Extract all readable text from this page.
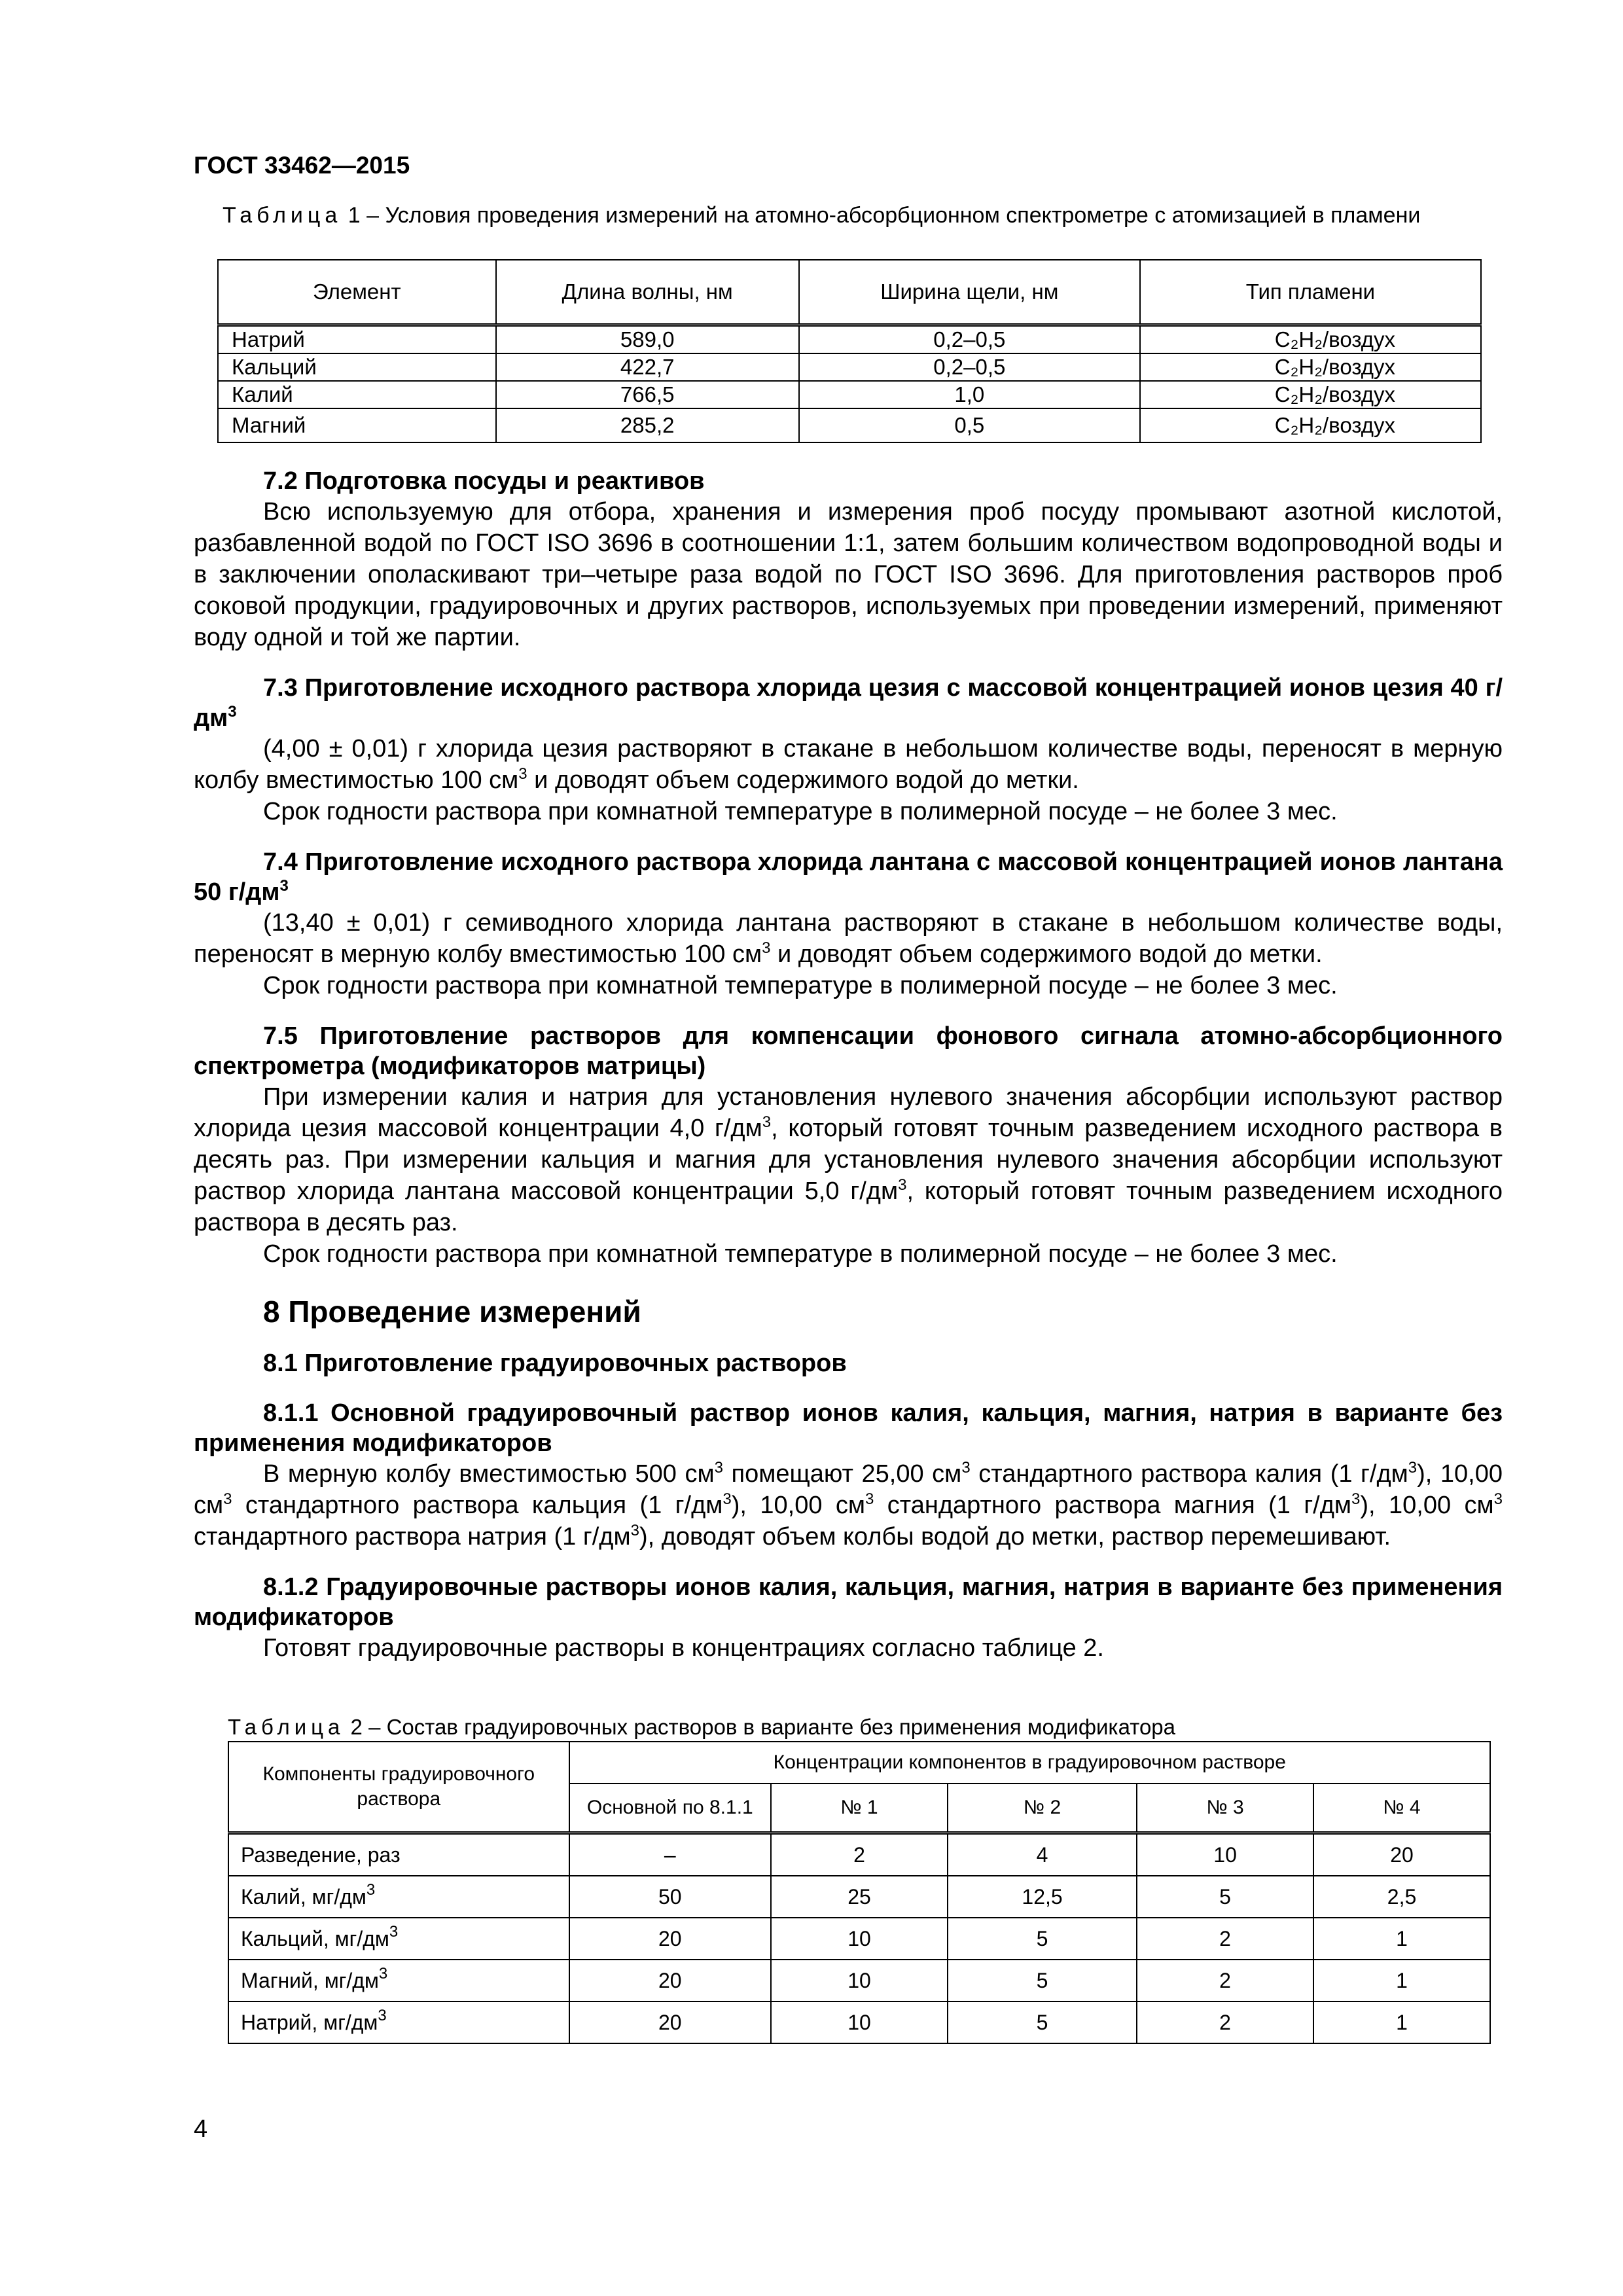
ГОСТ 33462—2015
Таблица 1 – Условия проведения измерений на атомно-абсорбционном спектрометре с атомизацией в пламени
Элемент	Длина волны, нм	Ширина щели, нм	Тип пламени
Натрий	589,0	0,2–0,5	C₂H₂/воздух
Кальций	422,7	0,2–0,5	C₂H₂/воздух
Калий	766,5	1,0	C₂H₂/воздух
Магний	285,2	0,5	C₂H₂/воздух
7.2 Подготовка посуды и реактивов

Всю используемую для отбора, хранения и измерения проб посуду промывают азотной кислотой, разбавленной водой по ГОСТ ISO 3696 в соотношении 1:1, затем большим количеством водопроводной воды и в заключении ополаскивают три–четыре раза водой по ГОСТ ISO 3696. Для приготовления растворов проб соковой продукции, градуировочных и других растворов, используемых при проведении измерений, применяют воду одной и той же партии.

7.3 Приготовление исходного раствора хлорида цезия с массовой концентрацией ионов цезия 40 $г/дм^3$

(4,00 ± 0,01) г хлорида цезия растворяют в стакане в небольшом количестве воды, переносят в мерную колбу вместимостью 100 $см^3$ и доводят объем содержимого водой до метки.

Срок годности раствора при комнатной температуре в полимерной посуде – не более 3 мес.

7.4 Приготовление исходного раствора хлорида лантана с массовой концентрацией ионов лантана 50 $г/дм^3$

(13,40 ± 0,01) г семиводного хлорида лантана растворяют в стакане в небольшом количестве воды, переносят в мерную колбу вместимостью 100 $см^3$ и доводят объем содержимого водой до метки.

Срок годности раствора при комнатной температуре в полимерной посуде – не более 3 мес.

7.5 Приготовление растворов для компенсации фонового сигнала атомно-абсорбционного спектрометра (модификаторов матрицы)

При измерении калия и натрия для установления нулевого значения абсорбции используют раствор хлорида цезия массовой концентрации 4,0 $г/дм^3$, который готовят точным разведением исходного раствора в десять раз. При измерении кальция и магния для установления нулевого значения абсорбции используют раствор хлорида лантана массовой концентрации 5,0 $г/дм^3$, который готовят точным разведением исходного раствора в десять раз.

Срок годности раствора при комнатной температуре в полимерной посуде – не более 3 мес.

8 Проведение измерений
8.1 Приготовление градуировочных растворов
8.1.1 Основной градуировочный раствор ионов калия, кальция, магния, натрия в варианте без применения модификаторов

В мерную колбу вместимостью 500 $см^3$ помещают 25,00 $см^3$ стандартного раствора калия (1 $г/дм^3$), 10,00 $см^3$ стандартного раствора кальция (1 $г/дм^3$), 10,00 $см^3$ стандартного раствора магния (1 $г/дм^3$), 10,00 $см^3$ стандартного раствора натрия (1 $г/дм^3$), доводят объем колбы водой до метки, раствор перемешивают.

8.1.2 Градуировочные растворы ионов калия, кальция, магния, натрия в варианте без применения модификаторов

Готовят градуировочные растворы в концентрациях согласно таблице 2.

Таблица 2 – Состав градуировочных растворов в варианте без применения модификатора
Компоненты градуировочного раствора	Концентрации компонентов в градуировочном растворе				
	Основной по 8.1.1	№ 1	№ 2	№ 3	№ 4
Разведение, раз	–	2	4	10	20
Калий, $мг/дм^3$	50	25	12,5	5	2,5
Кальций, $мг/дм^3$	20	10	5	2	1
Магний, $мг/дм^3$	20	10	5	2	1
Натрий, $мг/дм^3$	20	10	5	2	1
4
